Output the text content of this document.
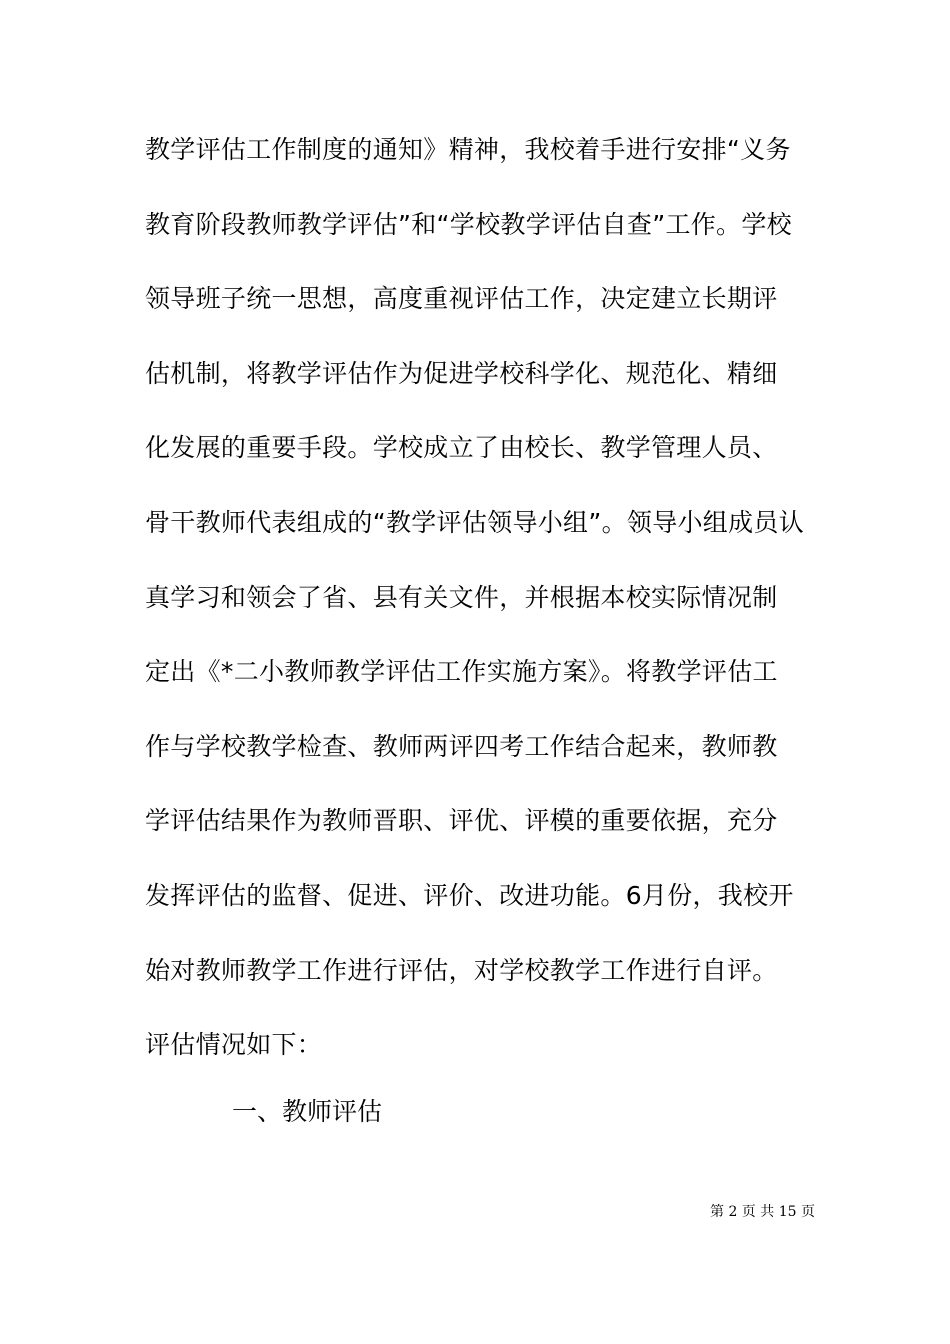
教学评估工作制度的通知》精神，我校着手进行安排“义务
教育阶段教师教学评估”和“学校教学评估自查”工作。学校
领导班子统一思想，高度重视评估工作，决定建立长期评
估机制，将教学评估作为促进学校科学化、规范化、精细
化发展的重要手段。学校成立了由校长、教学管理人员、
骨干教师代表组成的“教学评估领导小组”。领导小组成员认
真学习和领会了省、县有关文件，并根据本校实际情况制
定出《*二小教师教学评估工作实施方案》。将教学评估工
作与学校教学检查、教师两评四考工作结合起来，教师教
学评估结果作为教师晋职、评优、评模的重要依据，充分
发挥评估的监督、促进、评价、改进功能。6月份，我校开
始对教师教学工作进行评估，对学校教学工作进行自评。
评估情况如下：
一、教师评估
第 2 页 共 15 页
